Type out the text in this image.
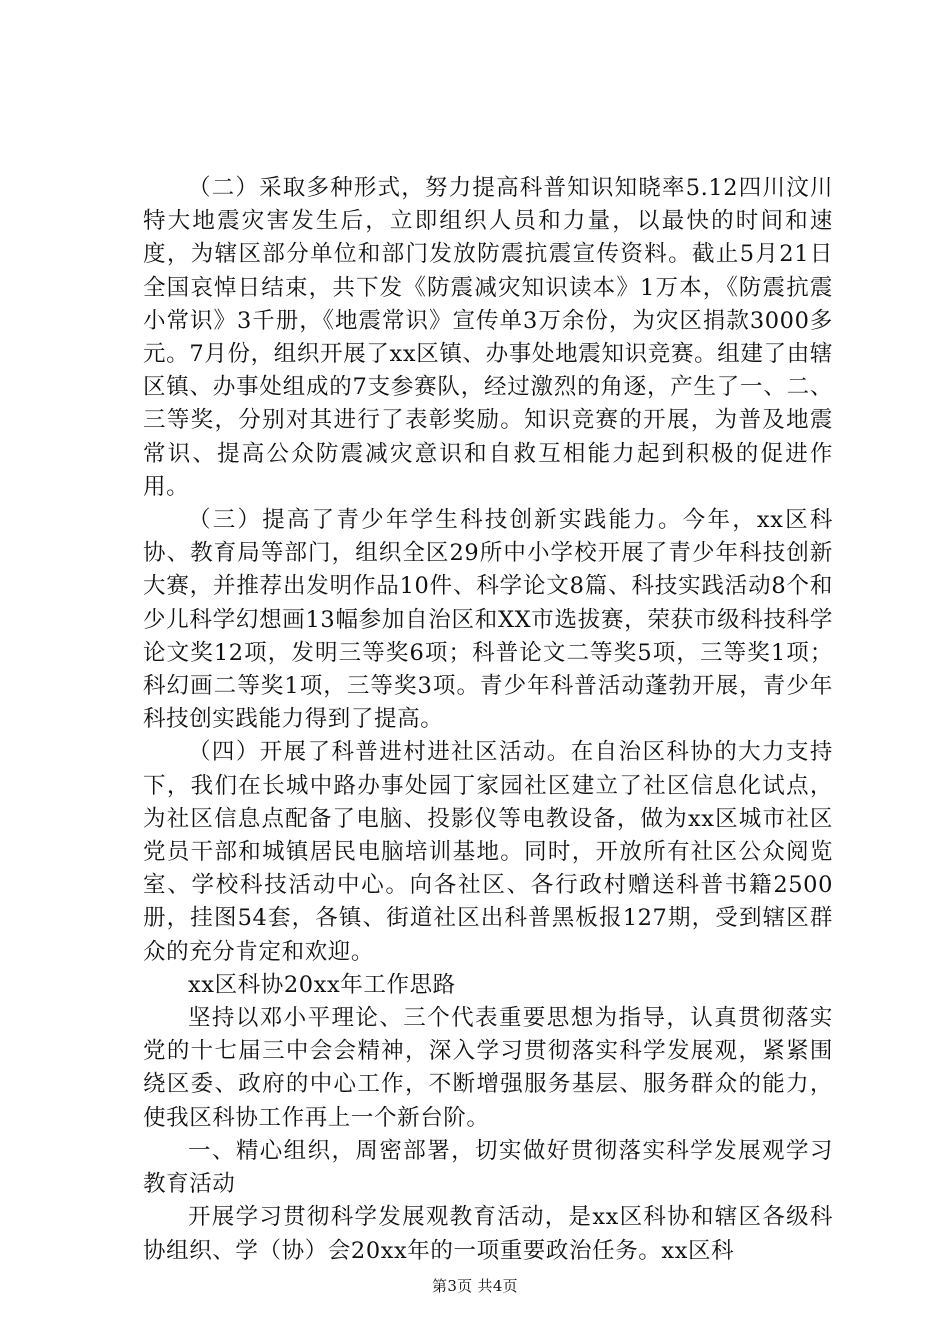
（二）采取多种形式，努力提高科普知识知晓率5.12四川汶川特大地震灾害发生后，立即组织人员和力量，以最快的时间和速度，为辖区部分单位和部门发放防震抗震宣传资料。截止5月21日全国哀悼日结束，共下发《防震减灾知识读本》1万本，《防震抗震小常识》3千册，《地震常识》宣传单3万余份，为灾区捐款3000多元。7月份，组织开展了xx区镇、办事处地震知识竞赛。组建了由辖区镇、办事处组成的7支参赛队，经过激烈的角逐，产生了一、二、三等奖，分别对其进行了表彰奖励。知识竞赛的开展，为普及地震常识、提高公众防震减灾意识和自救互相能力起到积极的促进作用。

（三）提高了青少年学生科技创新实践能力。今年，xx区科协、教育局等部门，组织全区29所中小学校开展了青少年科技创新大赛，并推荐出发明作品10件、科学论文8篇、科技实践活动8个和少儿科学幻想画13幅参加自治区和XX市选拔赛，荣获市级科技科学论文奖12项，发明三等奖6项；科普论文二等奖5项，三等奖1项；科幻画二等奖1项，三等奖3项。青少年科普活动蓬勃开展，青少年科技创实践能力得到了提高。

（四）开展了科普进村进社区活动。在自治区科协的大力支持下，我们在长城中路办事处园丁家园社区建立了社区信息化试点，为社区信息点配备了电脑、投影仪等电教设备，做为xx区城市社区党员干部和城镇居民电脑培训基地。同时，开放所有社区公众阅览室、学校科技活动中心。向各社区、各行政村赠送科普书籍2500册，挂图54套，各镇、街道社区出科普黑板报127期，受到辖区群众的充分肯定和欢迎。

xx区科协20xx年工作思路

坚持以邓小平理论、三个代表重要思想为指导，认真贯彻落实党的十七届三中会会精神，深入学习贯彻落实科学发展观，紧紧围绕区委、政府的中心工作，不断增强服务基层、服务群众的能力，使我区科协工作再上一个新台阶。

一、精心组织，周密部署，切实做好贯彻落实科学发展观学习教育活动

开展学习贯彻科学发展观教育活动，是xx区科协和辖区各级科协组织、学（协）会20xx年的一项重要政治任务。xx区科

第3页 共4页
